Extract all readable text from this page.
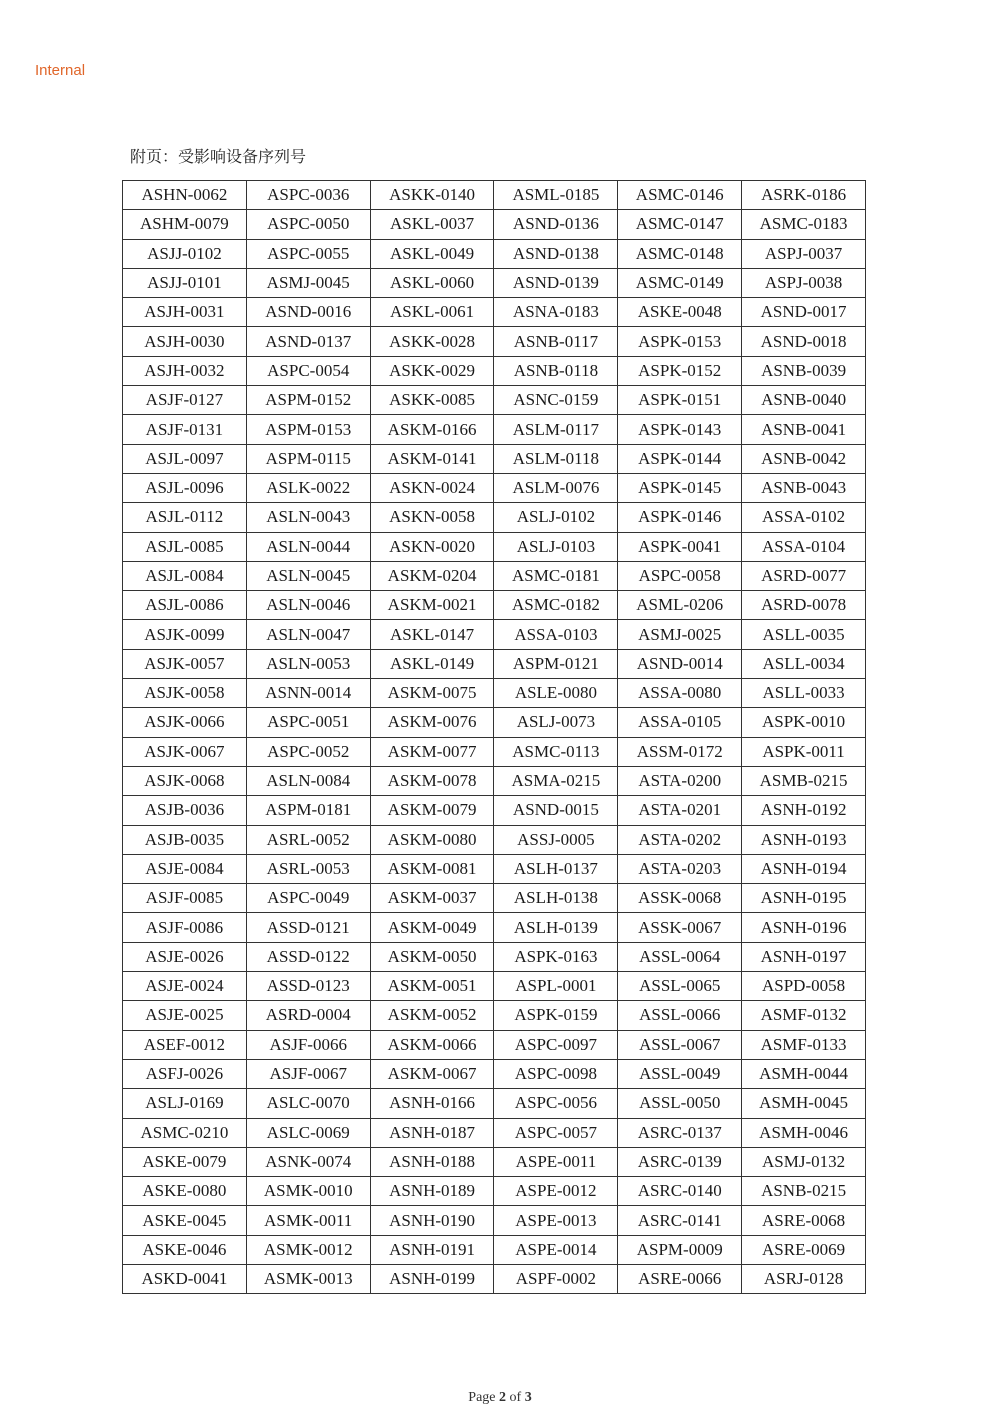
Internal
附页：受影响设备序列号
ASHN-0062	ASPC-0036	ASKK-0140	ASML-0185	ASMC-0146	ASRK-0186
ASHM-0079	ASPC-0050	ASKL-0037	ASND-0136	ASMC-0147	ASMC-0183
ASJJ-0102	ASPC-0055	ASKL-0049	ASND-0138	ASMC-0148	ASPJ-0037
ASJJ-0101	ASMJ-0045	ASKL-0060	ASND-0139	ASMC-0149	ASPJ-0038
ASJH-0031	ASND-0016	ASKL-0061	ASNA-0183	ASKE-0048	ASND-0017
ASJH-0030	ASND-0137	ASKK-0028	ASNB-0117	ASPK-0153	ASND-0018
ASJH-0032	ASPC-0054	ASKK-0029	ASNB-0118	ASPK-0152	ASNB-0039
ASJF-0127	ASPM-0152	ASKK-0085	ASNC-0159	ASPK-0151	ASNB-0040
ASJF-0131	ASPM-0153	ASKM-0166	ASLM-0117	ASPK-0143	ASNB-0041
ASJL-0097	ASPM-0115	ASKM-0141	ASLM-0118	ASPK-0144	ASNB-0042
ASJL-0096	ASLK-0022	ASKN-0024	ASLM-0076	ASPK-0145	ASNB-0043
ASJL-0112	ASLN-0043	ASKN-0058	ASLJ-0102	ASPK-0146	ASSA-0102
ASJL-0085	ASLN-0044	ASKN-0020	ASLJ-0103	ASPK-0041	ASSA-0104
ASJL-0084	ASLN-0045	ASKM-0204	ASMC-0181	ASPC-0058	ASRD-0077
ASJL-0086	ASLN-0046	ASKM-0021	ASMC-0182	ASML-0206	ASRD-0078
ASJK-0099	ASLN-0047	ASKL-0147	ASSA-0103	ASMJ-0025	ASLL-0035
ASJK-0057	ASLN-0053	ASKL-0149	ASPM-0121	ASND-0014	ASLL-0034
ASJK-0058	ASNN-0014	ASKM-0075	ASLE-0080	ASSA-0080	ASLL-0033
ASJK-0066	ASPC-0051	ASKM-0076	ASLJ-0073	ASSA-0105	ASPK-0010
ASJK-0067	ASPC-0052	ASKM-0077	ASMC-0113	ASSM-0172	ASPK-0011
ASJK-0068	ASLN-0084	ASKM-0078	ASMA-0215	ASTA-0200	ASMB-0215
ASJB-0036	ASPM-0181	ASKM-0079	ASND-0015	ASTA-0201	ASNH-0192
ASJB-0035	ASRL-0052	ASKM-0080	ASSJ-0005	ASTA-0202	ASNH-0193
ASJE-0084	ASRL-0053	ASKM-0081	ASLH-0137	ASTA-0203	ASNH-0194
ASJF-0085	ASPC-0049	ASKM-0037	ASLH-0138	ASSK-0068	ASNH-0195
ASJF-0086	ASSD-0121	ASKM-0049	ASLH-0139	ASSK-0067	ASNH-0196
ASJE-0026	ASSD-0122	ASKM-0050	ASPK-0163	ASSL-0064	ASNH-0197
ASJE-0024	ASSD-0123	ASKM-0051	ASPL-0001	ASSL-0065	ASPD-0058
ASJE-0025	ASRD-0004	ASKM-0052	ASPK-0159	ASSL-0066	ASMF-0132
ASEF-0012	ASJF-0066	ASKM-0066	ASPC-0097	ASSL-0067	ASMF-0133
ASFJ-0026	ASJF-0067	ASKM-0067	ASPC-0098	ASSL-0049	ASMH-0044
ASLJ-0169	ASLC-0070	ASNH-0166	ASPC-0056	ASSL-0050	ASMH-0045
ASMC-0210	ASLC-0069	ASNH-0187	ASPC-0057	ASRC-0137	ASMH-0046
ASKE-0079	ASNK-0074	ASNH-0188	ASPE-0011	ASRC-0139	ASMJ-0132
ASKE-0080	ASMK-0010	ASNH-0189	ASPE-0012	ASRC-0140	ASNB-0215
ASKE-0045	ASMK-0011	ASNH-0190	ASPE-0013	ASRC-0141	ASRE-0068
ASKE-0046	ASMK-0012	ASNH-0191	ASPE-0014	ASPM-0009	ASRE-0069
ASKD-0041	ASMK-0013	ASNH-0199	ASPF-0002	ASRE-0066	ASRJ-0128
Page 2 of 3
